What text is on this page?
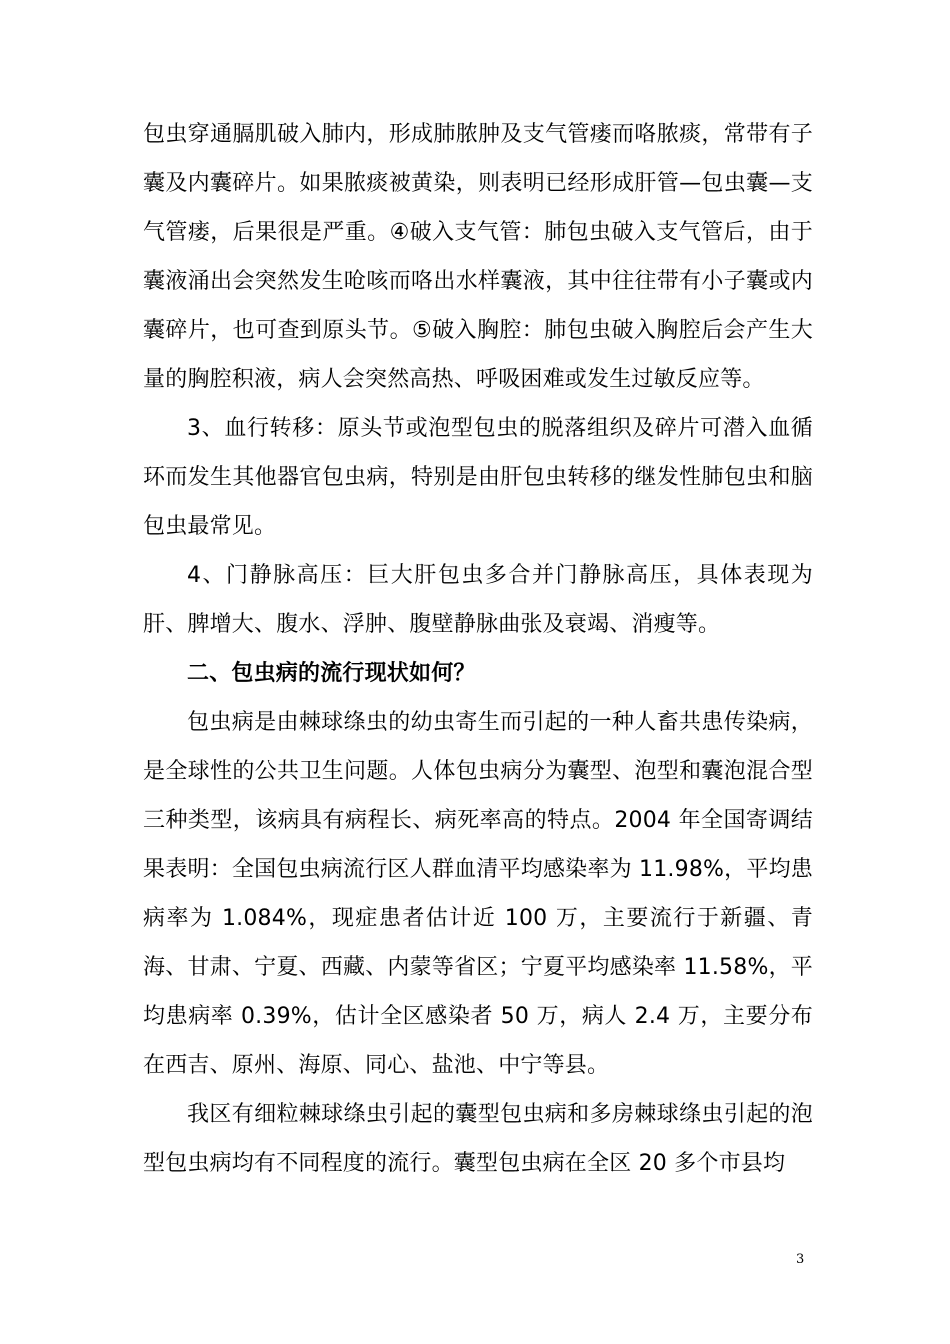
包虫穿通膈肌破入肺内，形成肺脓肿及支气管瘘而咯脓痰，常带有子囊及内囊碎片。如果脓痰被黄染，则表明已经形成肝管—包虫囊—支气管瘘，后果很是严重。④破入支气管：肺包虫破入支气管后，由于囊液涌出会突然发生呛咳而咯出水样囊液，其中往往带有小子囊或内囊碎片，也可查到原头节。⑤破入胸腔：肺包虫破入胸腔后会产生大量的胸腔积液，病人会突然高热、呼吸困难或发生过敏反应等。

3、血行转移：原头节或泡型包虫的脱落组织及碎片可潜入血循环而发生其他器官包虫病，特别是由肝包虫转移的继发性肺包虫和脑包虫最常见。

4、门静脉高压：巨大肝包虫多合并门静脉高压，具体表现为肝、脾增大、腹水、浮肿、腹壁静脉曲张及衰竭、消瘦等。

二、包虫病的流行现状如何？

包虫病是由棘球绦虫的幼虫寄生而引起的一种人畜共患传染病，是全球性的公共卫生问题。人体包虫病分为囊型、泡型和囊泡混合型三种类型，该病具有病程长、病死率高的特点。2004 年全国寄调结果表明：全国包虫病流行区人群血清平均感染率为 11.98%，平均患病率为 1.084%，现症患者估计近 100 万，主要流行于新疆、青海、甘肃、宁夏、西藏、内蒙等省区；宁夏平均感染率 11.58%，平均患病率 0.39%，估计全区感染者 50 万，病人 2.4 万，主要分布在西吉、原州、海原、同心、盐池、中宁等县。

我区有细粒棘球绦虫引起的囊型包虫病和多房棘球绦虫引起的泡型包虫病均有不同程度的流行。囊型包虫病在全区 20 多个市县均

3
